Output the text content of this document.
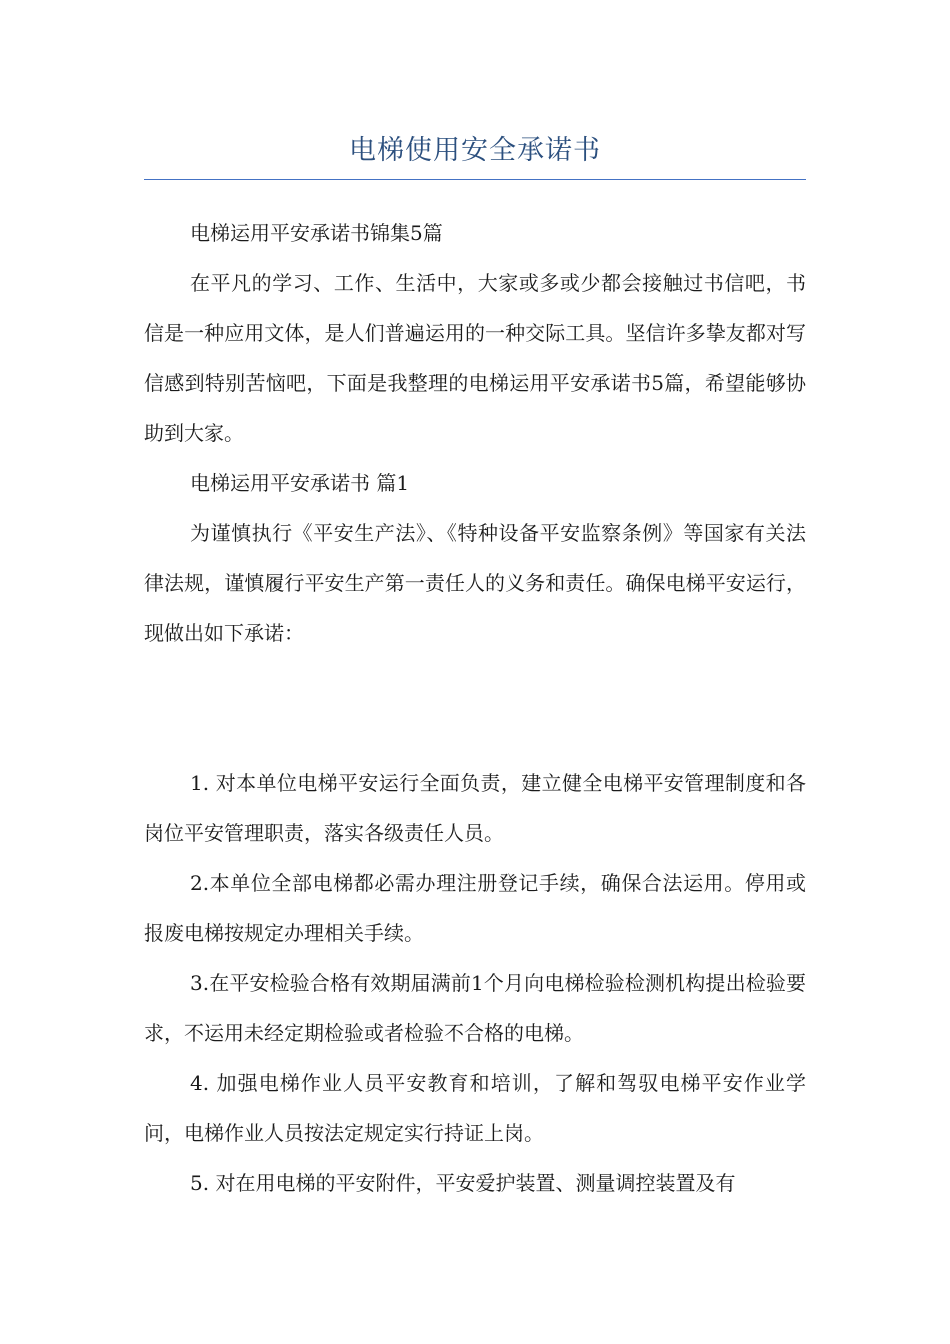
电梯使用安全承诺书

电梯运用平安承诺书锦集5篇

在平凡的学习、工作、生活中，大家或多或少都会接触过书信吧，书信是一种应用文体，是人们普遍运用的一种交际工具。坚信许多挚友都对写信感到特别苦恼吧，下面是我整理的电梯运用平安承诺书5篇，希望能够协助到大家。

电梯运用平安承诺书 篇1

为谨慎执行《平安生产法》、《特种设备平安监察条例》等国家有关法律法规，谨慎履行平安生产第一责任人的义务和责任。确保电梯平安运行，现做出如下承诺：

1. 对本单位电梯平安运行全面负责，建立健全电梯平安管理制度和各岗位平安管理职责，落实各级责任人员。

2.本单位全部电梯都必需办理注册登记手续，确保合法运用。停用或报废电梯按规定办理相关手续。

3.在平安检验合格有效期届满前1个月向电梯检验检测机构提出检验要求，不运用未经定期检验或者检验不合格的电梯。

4. 加强电梯作业人员平安教育和培训，了解和驾驭电梯平安作业学问，电梯作业人员按法定规定实行持证上岗。

5. 对在用电梯的平安附件，平安爱护装置、测量调控装置及有
